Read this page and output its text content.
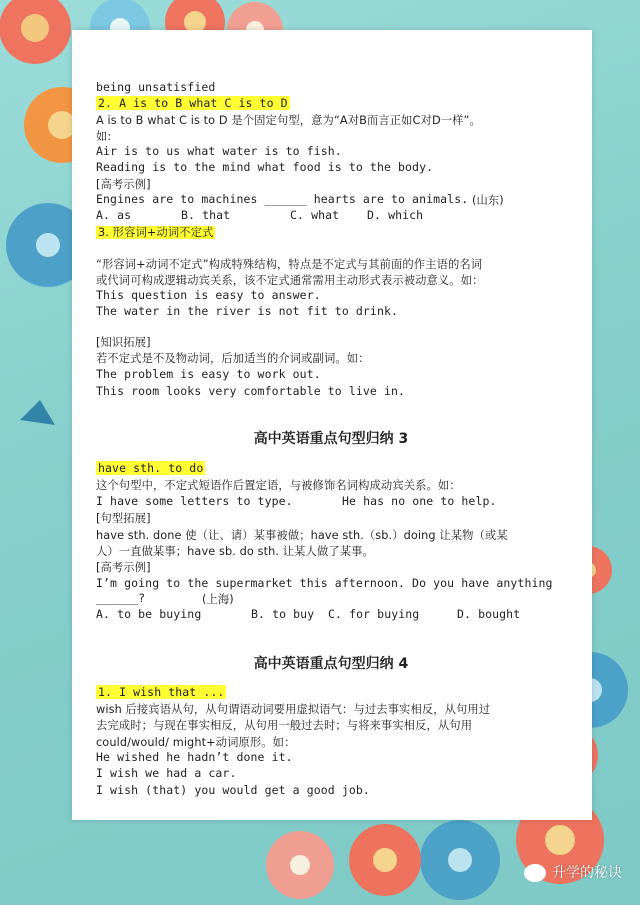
being unsatisfied
2. A is to B what C is to D
A is to B what C is to D 是个固定句型，意为“A对B而言正如C对D一样”。
如:
Air is to us what water is to fish.
Reading is to the mind what food is to the body.
[高考示例]
Engines are to machines ______ hearts are to animals. (山东)
A. as	B. that	C. what D. which
3. 形容词+动词不定式
“形容词+动词不定式”构成特殊结构，特点是不定式与其前面的作主语的名词
或代词可构成逻辑动宾关系，该不定式通常需用主动形式表示被动意义。如：
This question is easy to answer.
The water in the river is not fit to drink.
[知识拓展]
若不定式是不及物动词，后加适当的介词或副词。如：
The problem is easy to work out.
This room looks very comfortable to live in.
高中英语重点句型归纳 3
have sth. to do
这个句型中，不定式短语作后置定语，与被修饰名词构成动宾关系。如：
I have some letters to type.	He has no one to help.
[句型拓展]
have sth. done 使（让、请）某事被做；have sth.（sb.）doing 让某物（或某
人）一直做某事；have sb. do sth. 让某人做了某事。
[高考示例]
I’m going to the supermarket this afternoon. Do you have anything
______?	(上海)
A. to be buying	B. to buy C. for buying	D. bought
高中英语重点句型归纳 4
1. I wish that ...
wish 后接宾语从句，从句谓语动词要用虚拟语气：与过去事实相反，从句用过
去完成时；与现在事实相反，从句用一般过去时；与将来事实相反，从句用
could/would/ might+动词原形。如：
He wished he hadn’t done it.
I wish we had a car.
I wish (that) you would get a good job.
升学的秘诀
